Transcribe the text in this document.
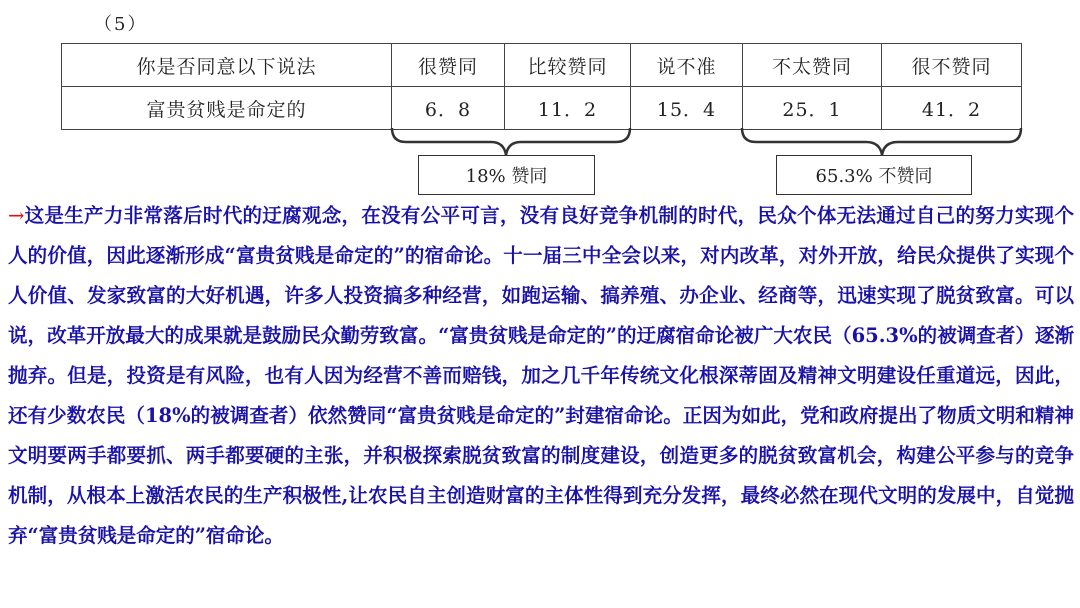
（5）
你是否同意以下说法	很赞同	比较赞同	说不准	不太赞同	很不赞同
富贵贫贱是命定的	6．8	11．2	15．4	25．1	41．2
18% 赞同	65.3% 不赞同

→这是生产力非常落后时代的迂腐观念，在没有公平可言，没有良好竞争机制的时代，民众个体无法通过自己的努力实现个人的价值，因此逐渐形成“富贵贫贱是命定的”的宿命论。十一届三中全会以来，对内改革，对外开放，给民众提供了实现个人价值、发家致富的大好机遇，许多人投资搞多种经营，如跑运输、搞养殖、办企业、经商等，迅速实现了脱贫致富。可以说，改革开放最大的成果就是鼓励民众勤劳致富。“富贵贫贱是命定的”的迂腐宿命论被广大农民（65.3%的被调查者）逐渐抛弃。但是，投资是有风险，也有人因为经营不善而赔钱，加之几千年传统文化根深蒂固及精神文明建设任重道远，因此，还有少数农民（18%的被调查者）依然赞同“富贵贫贱是命定的”封建宿命论。正因为如此，党和政府提出了物质文明和精神文明要两手都要抓、两手都要硬的主张，并积极探索脱贫致富的制度建设，创造更多的脱贫致富机会，构建公平参与的竞争机制，从根本上激活农民的生产积极性,让农民自主创造财富的主体性得到充分发挥，最终必然在现代文明的发展中，自觉抛弃“富贵贫贱是命定的”宿命论。
